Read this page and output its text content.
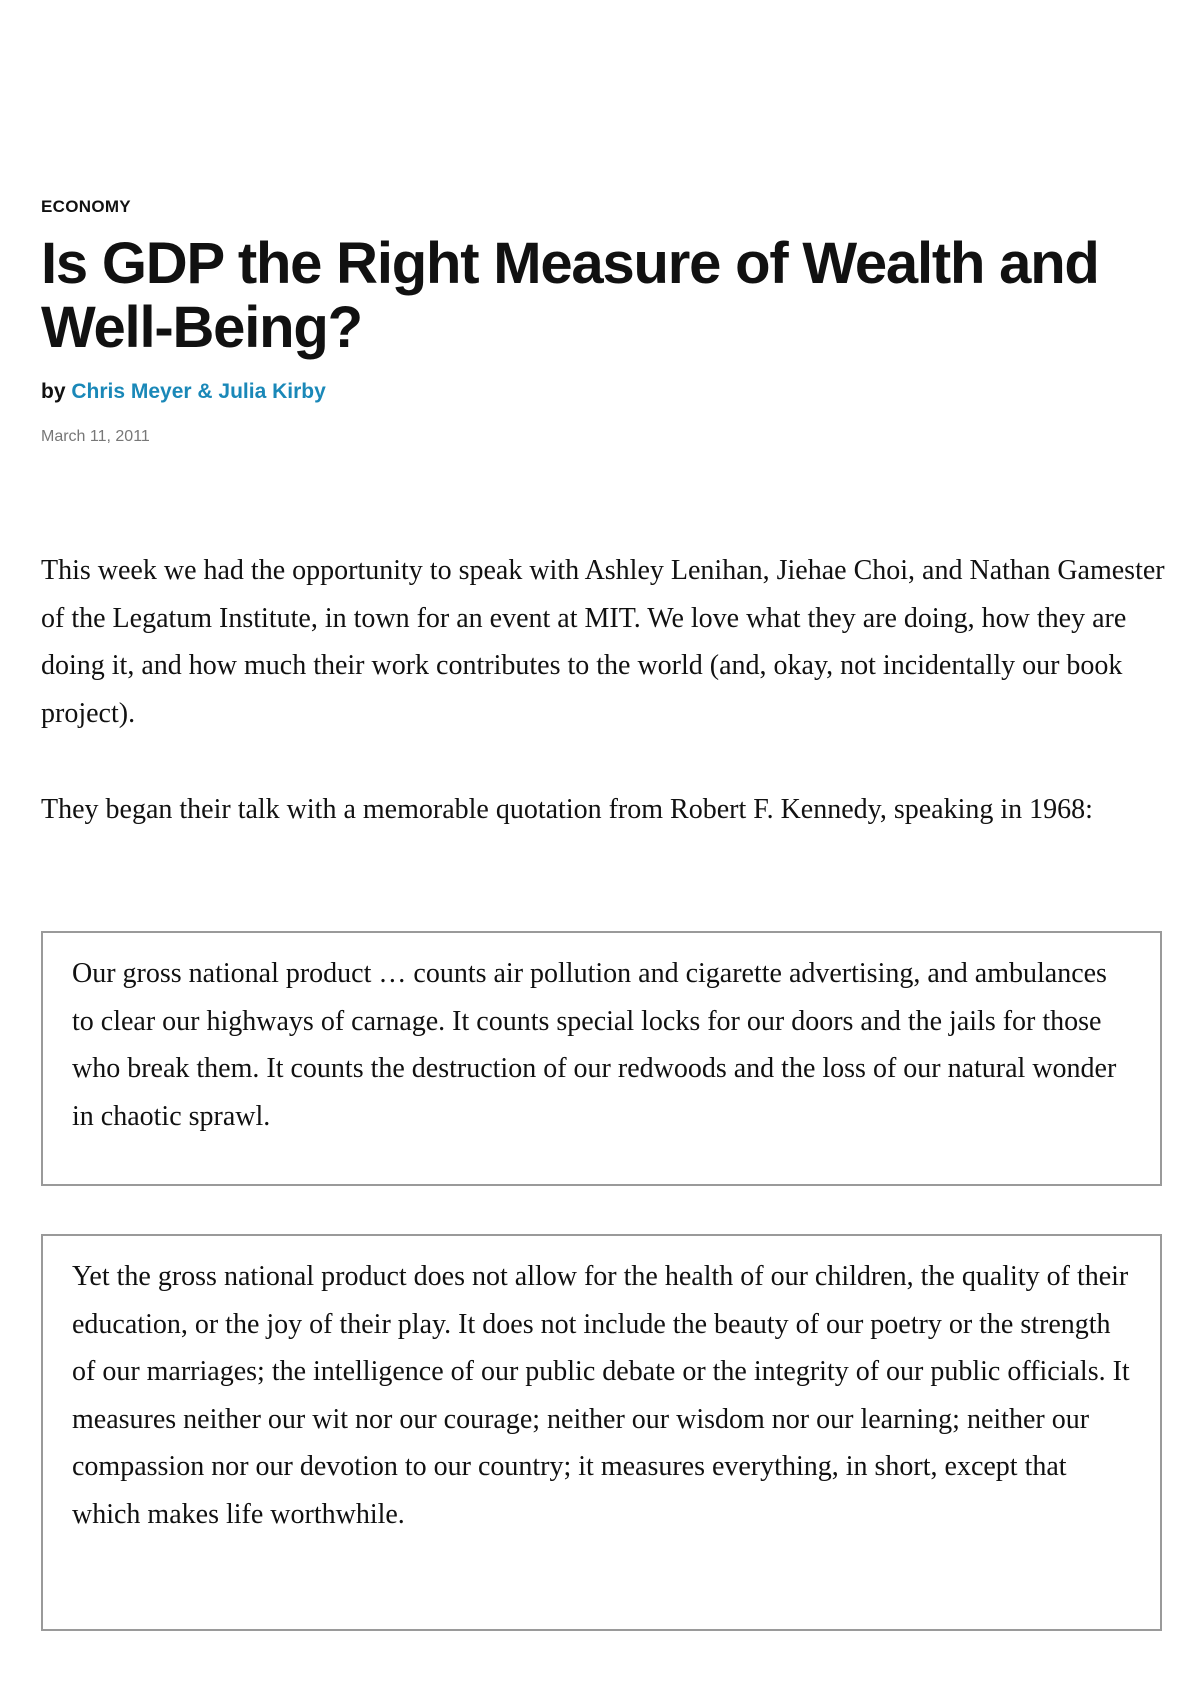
ECONOMY
Is GDP the Right Measure of Wealth and Well-Being?
by Chris Meyer & Julia Kirby
March 11, 2011

This week we had the opportunity to speak with Ashley Lenihan, Jiehae Choi, and Nathan Gamester of the Legatum Institute, in town for an event at MIT. We love what they are doing, how they are doing it, and how much their work contributes to the world (and, okay, not incidentally our book project).

They began their talk with a memorable quotation from Robert F. Kennedy, speaking in 1968:

Our gross national product … counts air pollution and cigarette advertising, and ambulances to clear our highways of carnage. It counts special locks for our doors and the jails for those who break them. It counts the destruction of our redwoods and the loss of our natural wonder in chaotic sprawl.

Yet the gross national product does not allow for the health of our children, the quality of their education, or the joy of their play. It does not include the beauty of our poetry or the strength of our marriages; the intelligence of our public debate or the integrity of our public officials. It measures neither our wit nor our courage; neither our wisdom nor our learning; neither our compassion nor our devotion to our country; it measures everything, in short, except that which makes life worthwhile.
